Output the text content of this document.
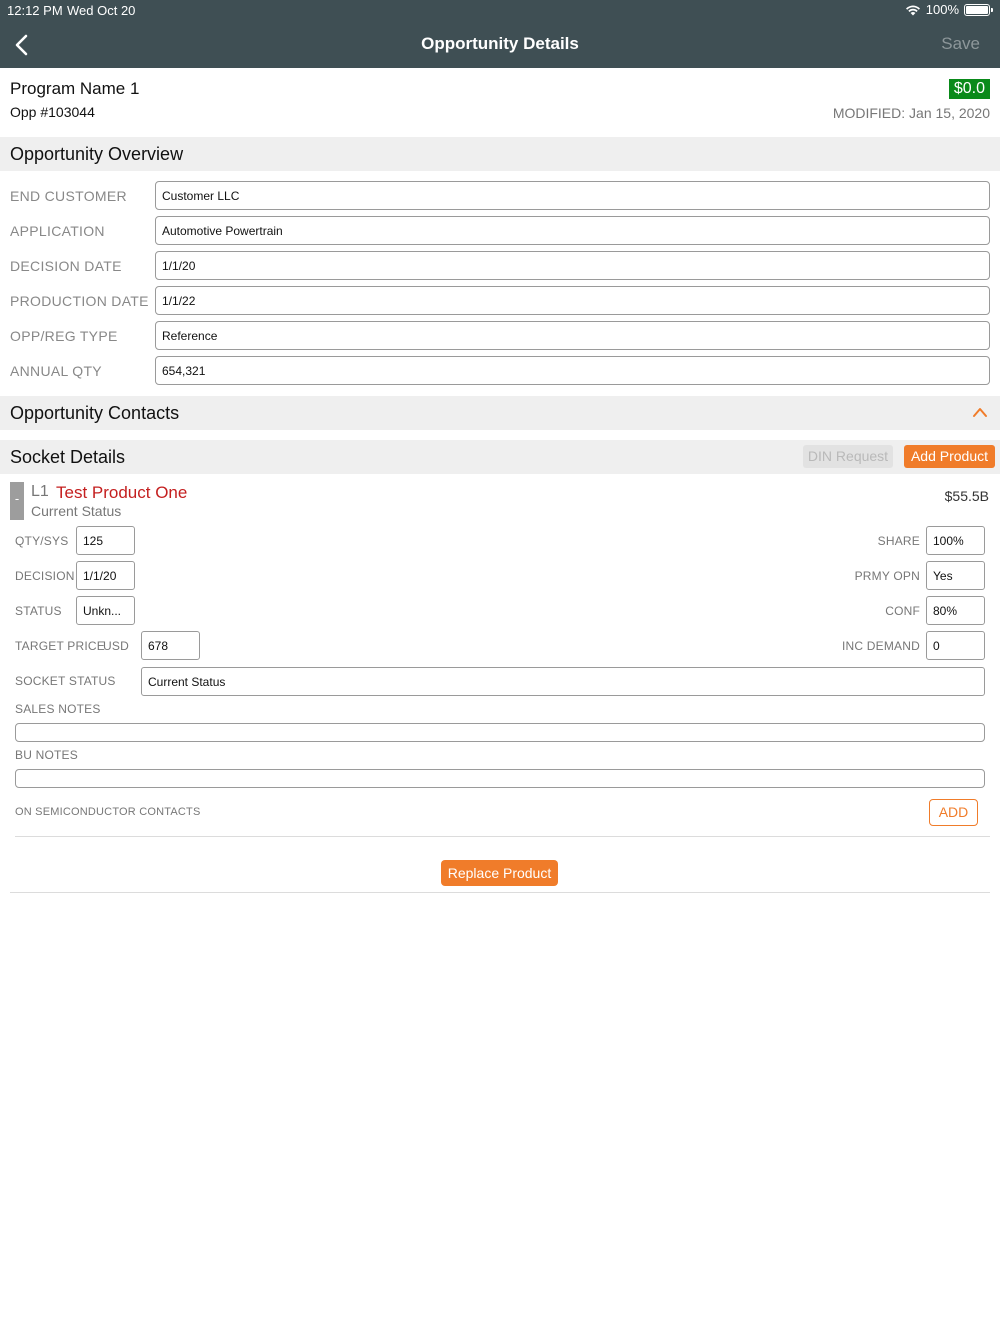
12:12 PM Wed Oct 20	100%
Opportunity Details	Save
Program Name 1
Opp #103044
$0.0
MODIFIED: Jan 15, 2020
Opportunity Overview
END CUSTOMER	Customer LLC
APPLICATION	Automotive Powertrain
DECISION DATE	1/1/20
PRODUCTION DATE	1/1/22
OPP/REG TYPE	Reference
ANNUAL QTY	654,321
Opportunity Contacts
Socket Details	DIN Request	Add Product
- L1 Test Product One
Current Status
$55.5B
QTY/SYS	125
DECISION 1/1/20
STATUS	Unkn...
TARGET PRICE
USD	678
SHARE	100%
PRMY OPN	Yes
CONF	80%
INC DEMAND	0
SOCKET STATUS	Current Status
SALES NOTES
BU NOTES
ON SEMICONDUCTOR CONTACTS	ADD
Replace Product
